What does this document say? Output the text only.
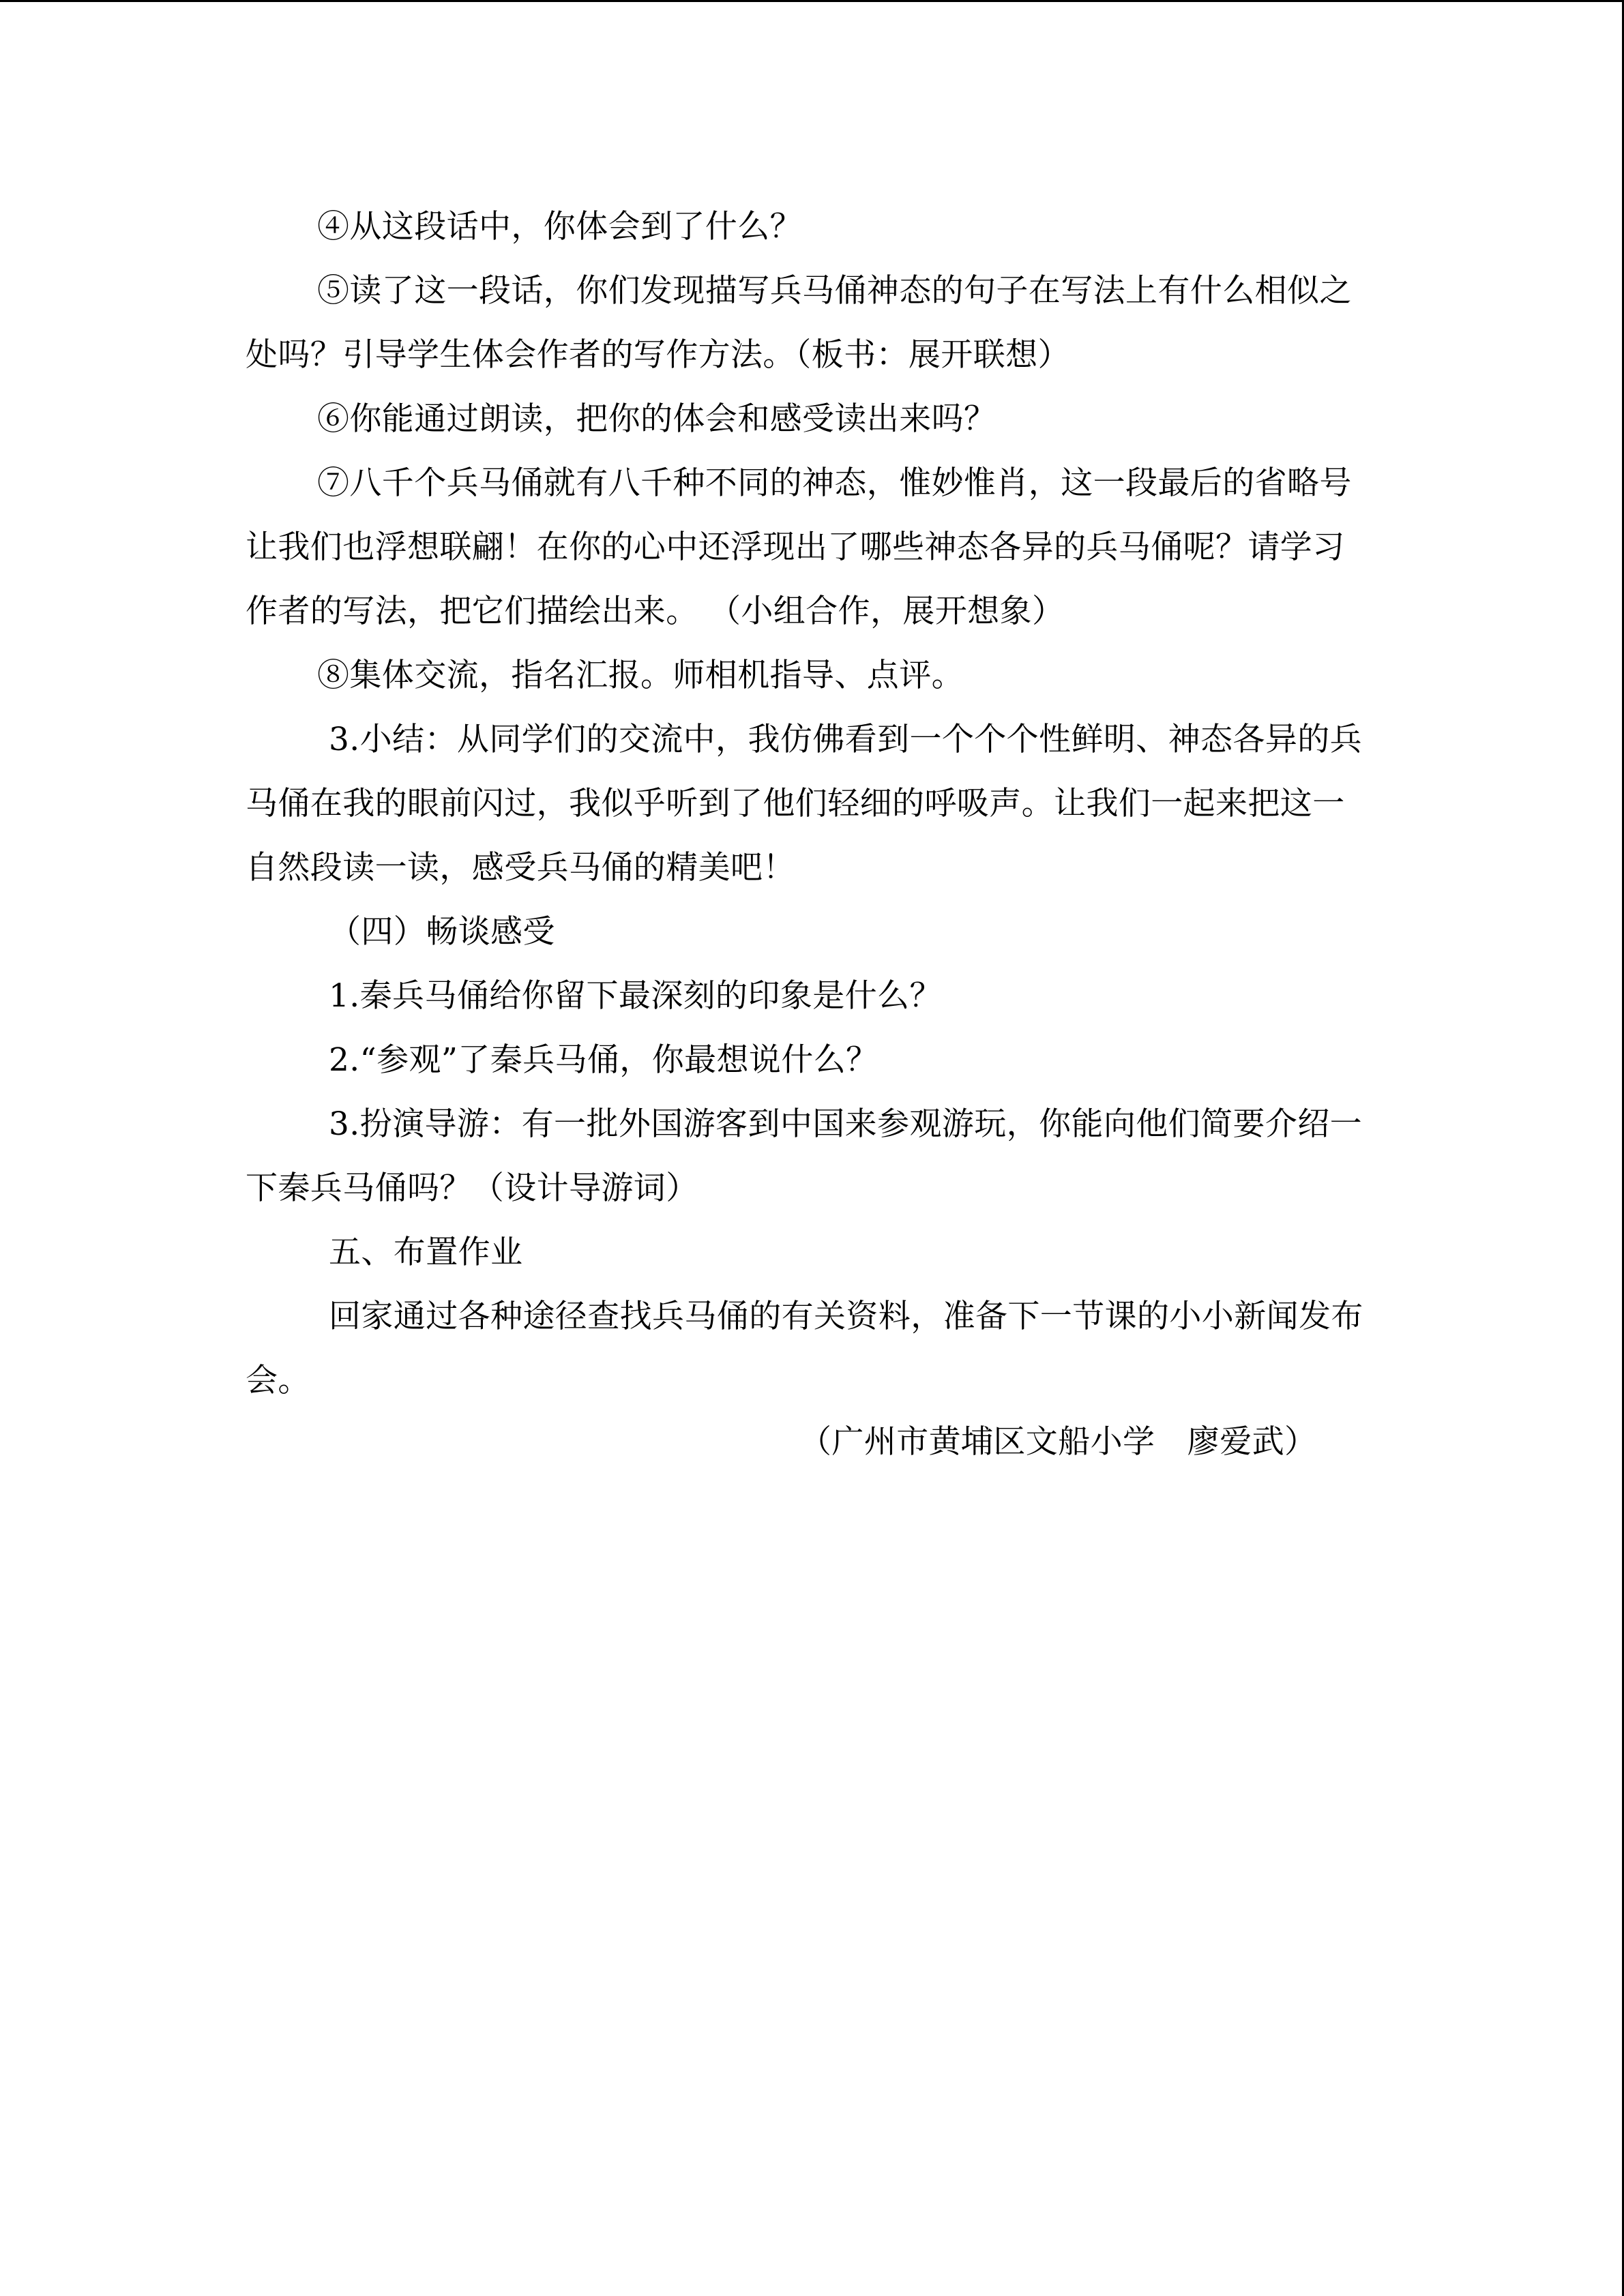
④从这段话中，你体会到了什么？

⑤读了这一段话，你们发现描写兵马俑神态的句子在写法上有什么相似之

处吗？引导学生体会作者的写作方法。（板书：展开联想）

⑥你能通过朗读，把你的体会和感受读出来吗？

⑦八千个兵马俑就有八千种不同的神态，惟妙惟肖，这一段最后的省略号

让我们也浮想联翩！在你的心中还浮现出了哪些神态各异的兵马俑呢？请学习

作者的写法，把它们描绘出来。 （小组合作，展开想象）

⑧集体交流，指名汇报。师相机指导、点评。

3.小结：从同学们的交流中，我仿佛看到一个个个性鲜明、神态各异的兵

马俑在我的眼前闪过，我似乎听到了他们轻细的呼吸声。让我们一起来把这一

自然段读一读，感受兵马俑的精美吧！

（四）畅谈感受

1.秦兵马俑给你留下最深刻的印象是什么？

2.“参观”了秦兵马俑，你最想说什么？

3.扮演导游：有一批外国游客到中国来参观游玩，你能向他们简要介绍一

下秦兵马俑吗？（设计导游词）

五、布置作业

回家通过各种途径查找兵马俑的有关资料，准备下一节课的小小新闻发布

会。

（广州市黄埔区文船小学　廖爱武）
